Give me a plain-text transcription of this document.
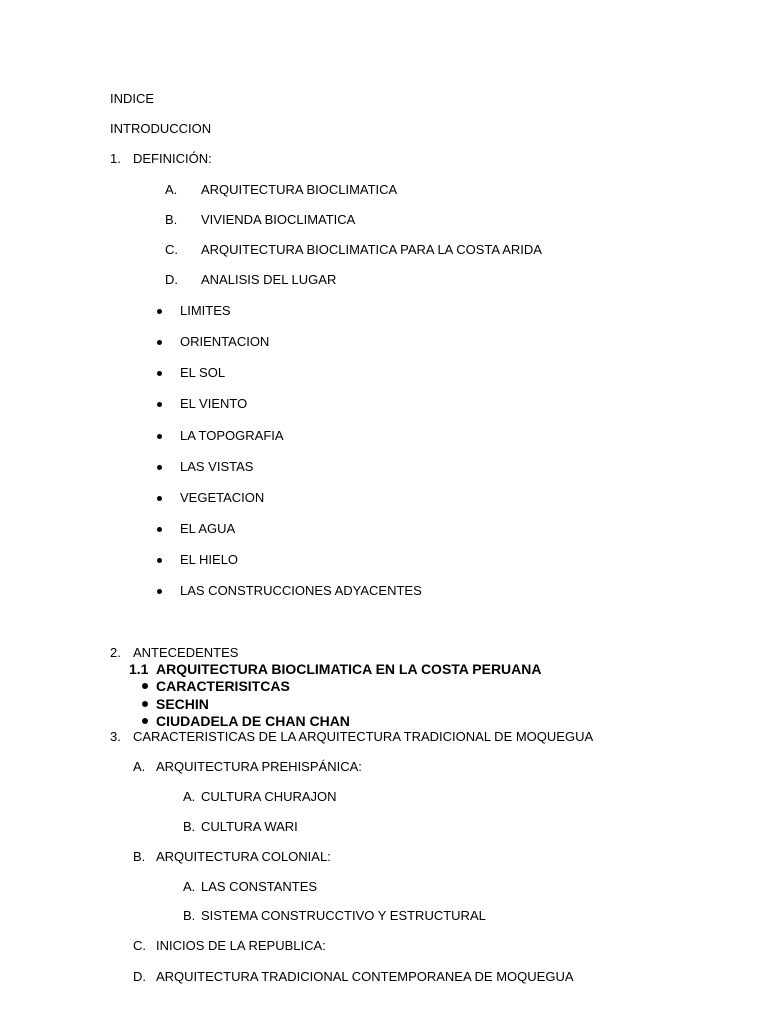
INDICE
INTRODUCCION
1. DEFINICIÓN:
A. ARQUITECTURA BIOCLIMATICA
B. VIVIENDA BIOCLIMATICA
C. ARQUITECTURA BIOCLIMATICA PARA LA COSTA ARIDA
D. ANALISIS DEL LUGAR
LIMITES
ORIENTACION
EL SOL
EL VIENTO
LA TOPOGRAFIA
LAS VISTAS
VEGETACION
EL AGUA
EL HIELO
LAS CONSTRUCCIONES ADYACENTES
2. ANTECEDENTES
1.1 ARQUITECTURA BIOCLIMATICA EN LA COSTA PERUANA
CARACTERISITCAS
SECHIN
CIUDADELA DE CHAN CHAN
3. CARACTERISTICAS DE LA ARQUITECTURA TRADICIONAL DE MOQUEGUA
A. ARQUITECTURA PREHISPÁNICA:
A. CULTURA CHURAJON
B. CULTURA WARI
B. ARQUITECTURA COLONIAL:
A. LAS CONSTANTES
B. SISTEMA CONSTRUCCTIVO Y ESTRUCTURAL
C. INICIOS DE LA REPUBLICA:
D. ARQUITECTURA TRADICIONAL CONTEMPORANEA DE MOQUEGUA
